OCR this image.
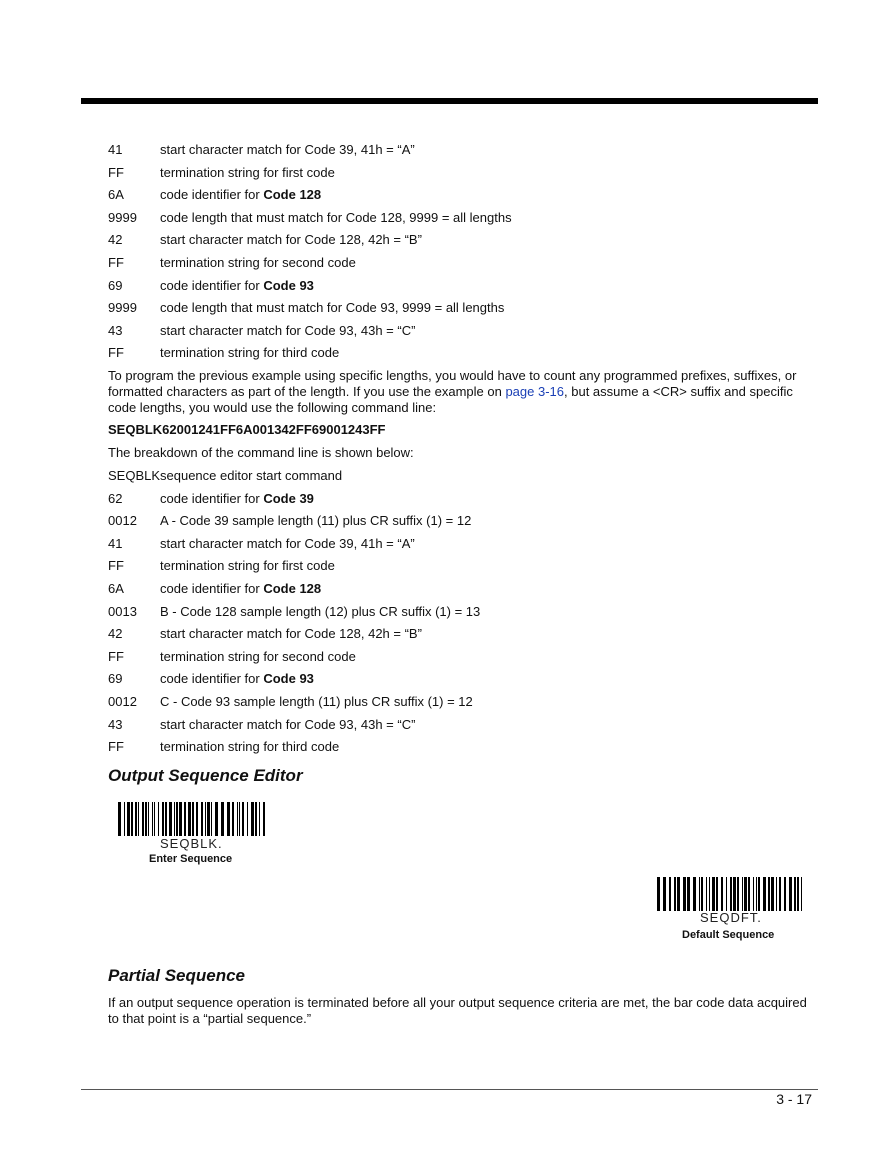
41	start character match for Code 39, 41h = “A”
FF	termination string for first code
6A	code identifier for Code 128
9999 code length that must match for Code 128, 9999 = all lengths
42	start character match for Code 128, 42h = “B”
FF	termination string for second code
69	code identifier for Code 93
9999 code length that must match for Code 93, 9999 = all lengths
43	start character match for Code 93, 43h = “C”
FF	termination string for third code
To program the previous example using specific lengths, you would have to count any programmed prefixes, suffixes, or formatted characters as part of the length. If you use the example on page 3-16, but assume a <CR> suffix and specific code lengths, you would use the following command line:
SEQBLK62001241FF6A001342FF69001243FF
The breakdown of the command line is shown below:
SEQBLK sequence editor start command
62	code identifier for Code 39
0012 A - Code 39 sample length (11) plus CR suffix (1) = 12
41	start character match for Code 39, 41h = “A”
FF	termination string for first code
6A	code identifier for Code 128
0013 B - Code 128 sample length (12) plus CR suffix (1) = 13
42	start character match for Code 128, 42h = “B”
FF	termination string for second code
69	code identifier for Code 93
0012 C - Code 93 sample length (11) plus CR suffix (1) = 12
43	start character match for Code 93, 43h = “C”
FF	termination string for third code
Output Sequence Editor
SEQBLK.
Enter Sequence
SEQDFT.
Default Sequence
Partial Sequence
If an output sequence operation is terminated before all your output sequence criteria are met, the bar code data acquired to that point is a “partial sequence.”
3 - 17
